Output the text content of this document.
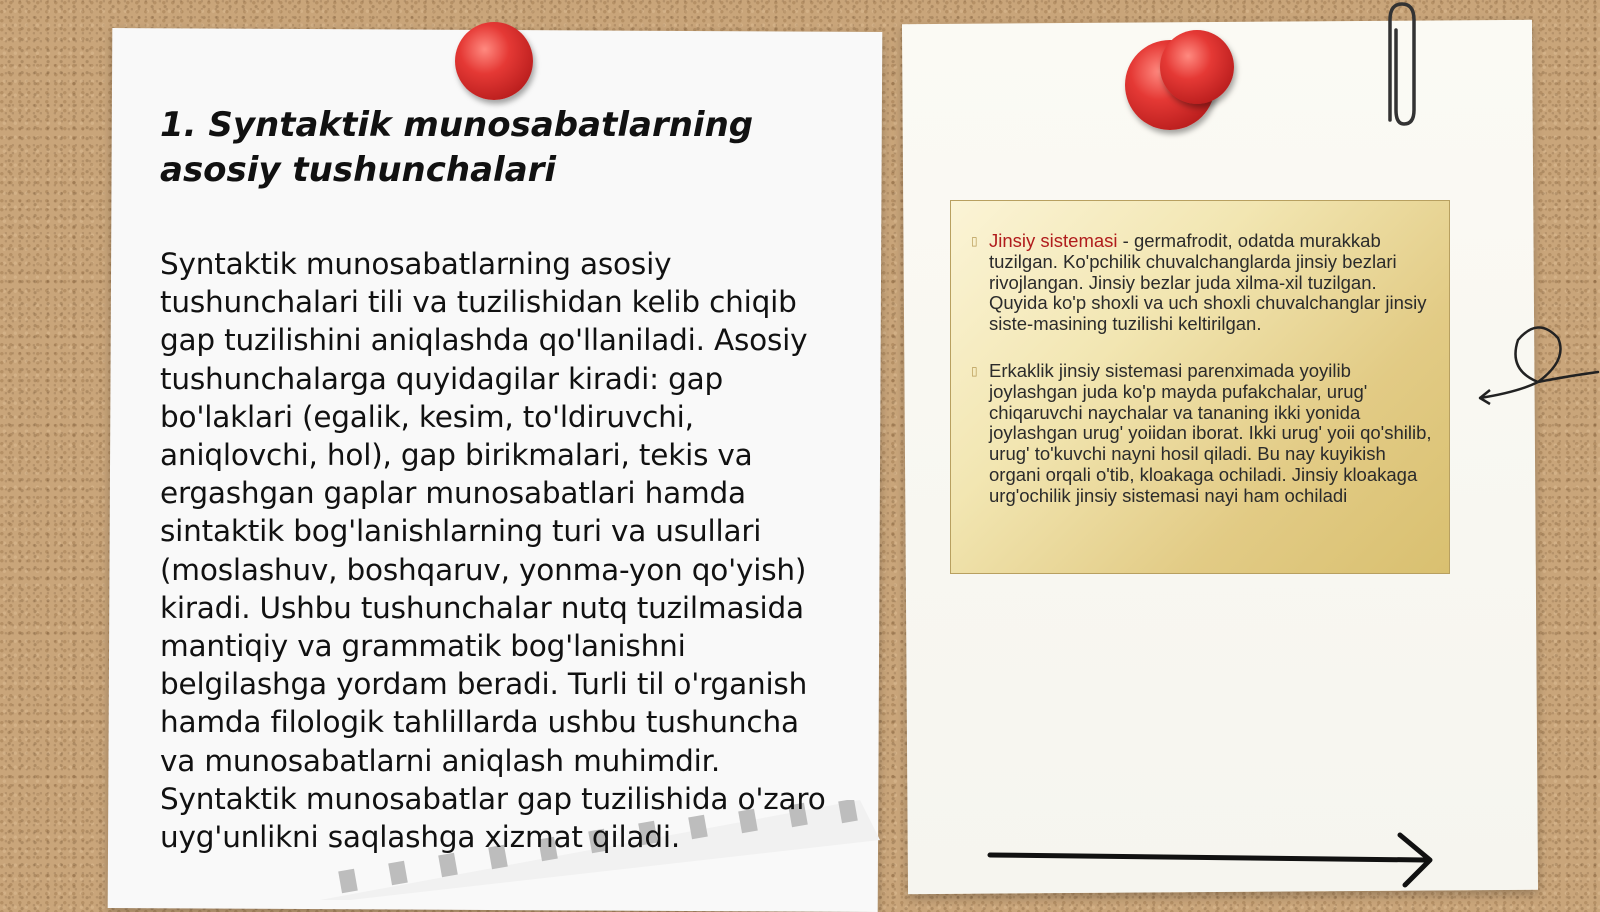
1. Syntaktik munosabatlarning asosiy tushunchalari

Syntaktik munosabatlarning asosiy tushunchalari tili va tuzilishidan kelib chiqib gap tuzilishini aniqlashda qo'llaniladi. Asosiy tushunchalarga quyidagilar kiradi: gap bo'laklari (egalik, kesim, to'ldiruvchi, aniqlovchi, hol), gap birikmalari, tekis va ergashgan gaplar munosabatlari hamda sintaktik bog'lanishlarning turi va usullari (moslashuv, boshqaruv, yonma-yon qo'yish) kiradi. Ushbu tushunchalar nutq tuzilmasida mantiqiy va grammatik bog'lanishni belgilashga yordam beradi. Turli til o'rganish hamda filologik tahlillarda ushbu tushuncha va munosabatlarni aniqlash muhimdir. Syntaktik munosabatlar gap tuzilishida o'zaro uyg'unlikni saqlashga xizmat qiladi.

▯ Jinsiy sistemasi - germafrodit, odatda murakkab tuzilgan. Ko'pchilik chuvalchanglarda jinsiy bezlari rivojlangan. Jinsiy bezlar juda xilma-xil tuzilgan. Quyida ko'p shoxli va uch shoxli chuvalchanglar jinsiy siste-masining tuzilishi keltirilgan.
▯ Erkaklik jinsiy sistemasi parenximada yoyilib joylashgan juda ko'p mayda pufakchalar, urug' chiqaruvchi naychalar va tananing ikki yonida joylashgan urug' yoiidan iborat. Ikki urug' yoii qo'shilib, urug' to'kuvchi nayni hosil qiladi. Bu nay kuyikish organi orqali o'tib, kloakaga ochiladi. Jinsiy kloakaga urg'ochilik jinsiy sistemasi nayi ham ochiladi
